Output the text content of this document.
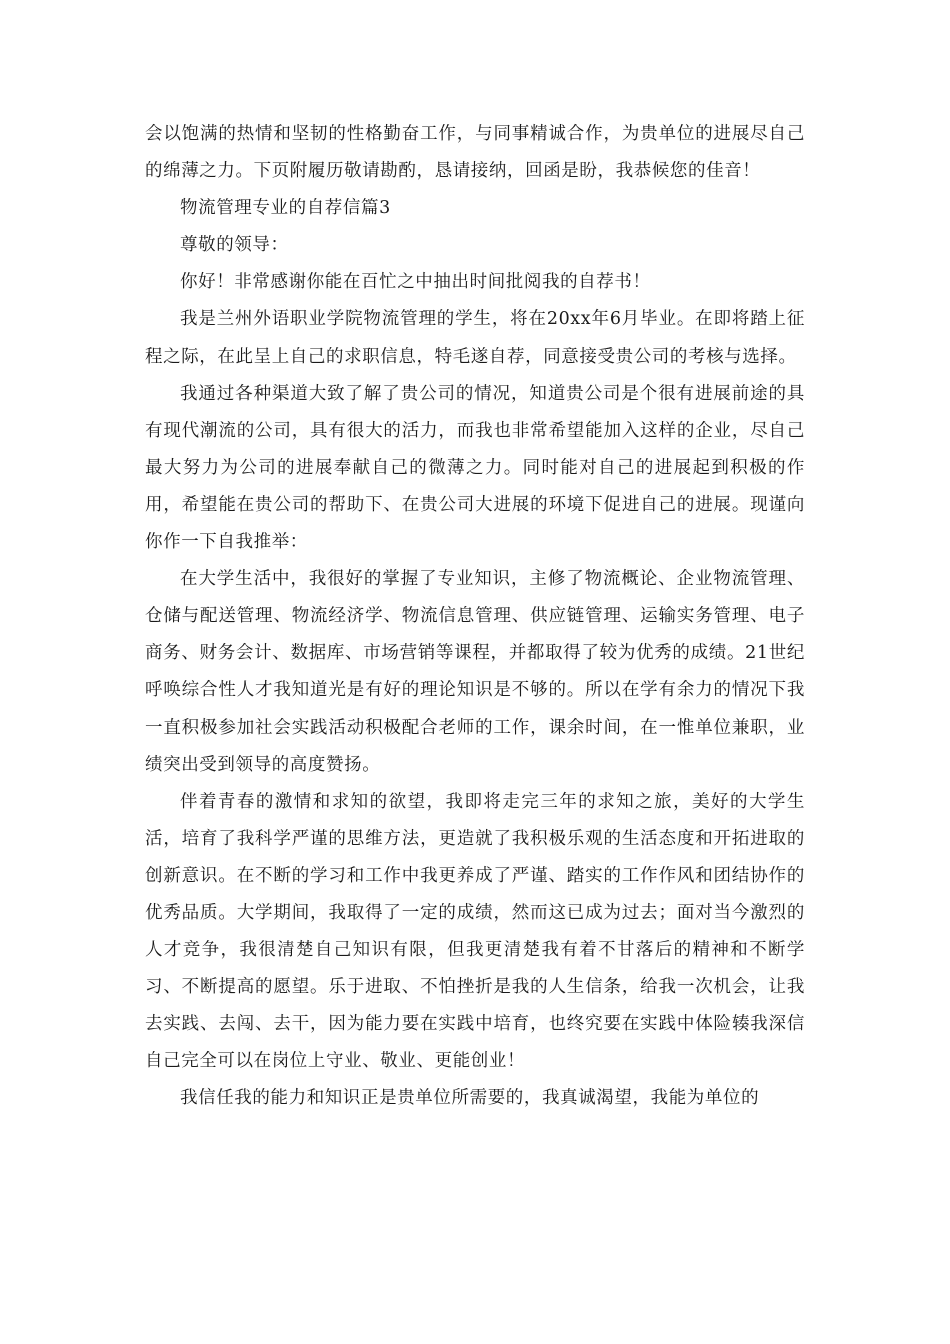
会以饱满的热情和坚韧的性格勤奋工作，与同事精诚合作，为贵单位的进展尽自己的绵薄之力。下页附履历敬请勘酌，恳请接纳，回函是盼，我恭候您的佳音！

物流管理专业的自荐信篇3

尊敬的领导：

你好！非常感谢你能在百忙之中抽出时间批阅我的自荐书！

我是兰州外语职业学院物流管理的学生，将在20xx年6月毕业。在即将踏上征程之际，在此呈上自己的求职信息，特毛遂自荐，同意接受贵公司的考核与选择。

我通过各种渠道大致了解了贵公司的情况，知道贵公司是个很有进展前途的具有现代潮流的公司，具有很大的活力，而我也非常希望能加入这样的企业，尽自己最大努力为公司的进展奉献自己的微薄之力。同时能对自己的进展起到积极的作用，希望能在贵公司的帮助下、在贵公司大进展的环境下促进自己的进展。现谨向你作一下自我推举：

在大学生活中，我很好的掌握了专业知识，主修了物流概论、企业物流管理、仓储与配送管理、物流经济学、物流信息管理、供应链管理、运输实务管理、电子商务、财务会计、数据库、市场营销等课程，并都取得了较为优秀的成绩。21世纪呼唤综合性人才我知道光是有好的理论知识是不够的。所以在学有余力的情况下我一直积极参加社会实践活动积极配合老师的工作，课余时间，在一惟单位兼职，业绩突出受到领导的高度赞扬。

伴着青春的激情和求知的欲望，我即将走完三年的求知之旅，美好的大学生活，培育了我科学严谨的思维方法，更造就了我积极乐观的生活态度和开拓进取的创新意识。在不断的学习和工作中我更养成了严谨、踏实的工作作风和团结协作的优秀品质。大学期间，我取得了一定的成绩，然而这已成为过去；面对当今激烈的人才竞争，我很清楚自己知识有限，但我更清楚我有着不甘落后的精神和不断学习、不断提高的愿望。乐于进取、不怕挫折是我的人生信条，给我一次机会，让我去实践、去闯、去干，因为能力要在实践中培育，也终究要在实践中体险辏我深信自己完全可以在岗位上守业、敬业、更能创业！

我信任我的能力和知识正是贵单位所需要的，我真诚渴望，我能为单位的
